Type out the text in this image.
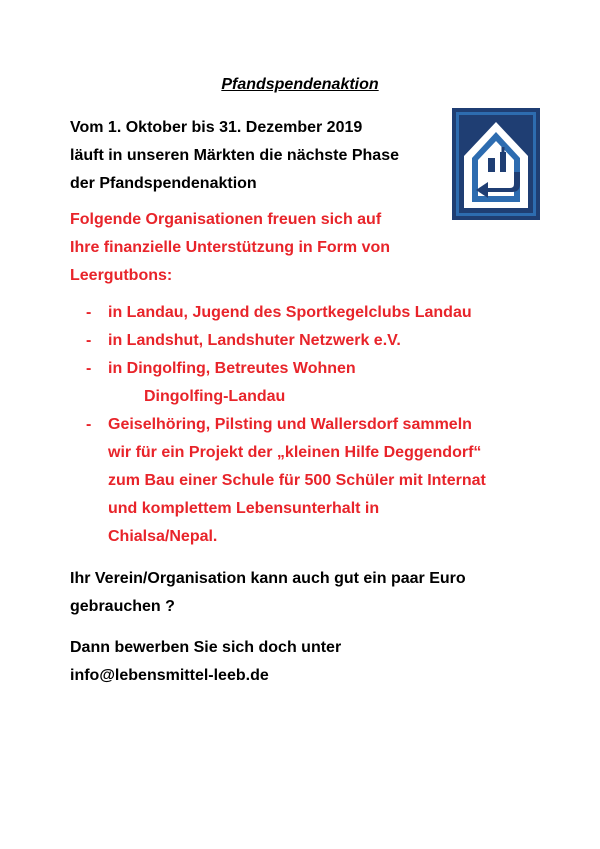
Pfandspendenaktion
Vom 1. Oktober bis 31. Dezember 2019
läuft in unseren Märkten die nächste Phase
der Pfandspendenaktion
Folgende Organisationen freuen sich auf
Ihre finanzielle Unterstützung in Form von
Leergutbons:
- in Landau, Jugend des Sportkegelclubs Landau
- in Landshut, Landshuter Netzwerk e.V.
- in Dingolfing, Betreutes Wohnen
Dingolfing-Landau
- Geiselhöring, Pilsting und Wallersdorf sammeln
wir für ein Projekt der „kleinen Hilfe Deggendorf“
zum Bau einer Schule für 500 Schüler mit Internat
und komplettem Lebensunterhalt in
Chialsa/Nepal.
Ihr Verein/Organisation kann auch gut ein paar Euro
gebrauchen ?
Dann bewerben Sie sich doch unter
info@lebensmittel-leeb.de
